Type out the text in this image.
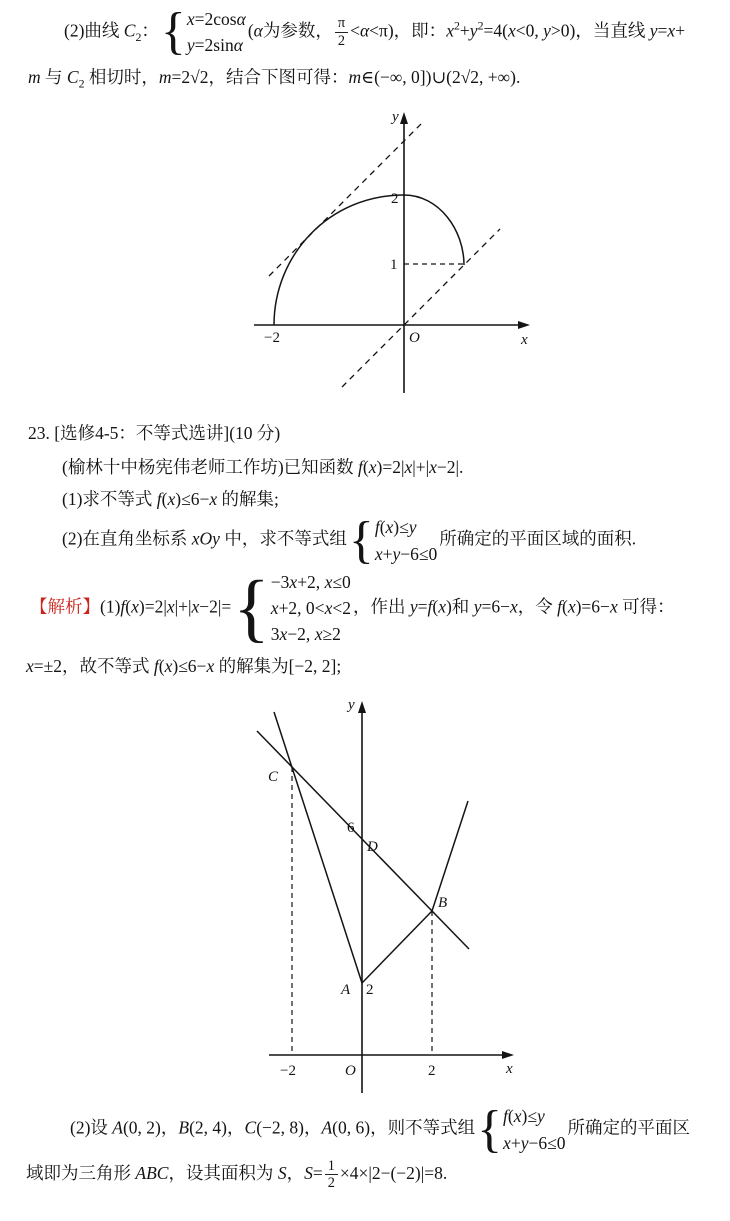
(2)曲线 $C_2$： { x=2cosα
y=2sinα
(α为参数， $\frac{\pi}{2} <\alpha<\pi$)，即：$x^2+y^2=4(x<0$, y>0)，当直线 y=x+
m 与 $C_2$ 相切时，m=2√2，结合下图可得：m∈(−∞, 0])∪(2√2, +∞).
y
x
O
2
1
−2
23. [选修4-5：不等式选讲](10 分)
(榆林十中杨宪伟老师工作坊)已知函数 f(x)=2|x|+|x−2|.
(1)求不等式 f(x)≤6−x 的解集;
(2)在直角坐标系 xOy 中，求不等式组 { f(x)≤y
x+y−6≤0
所确定的平面区域的面积.
【解析】(1)f(x)=2|x|+|x−2|= { −3x+2, x≤0
x+2, 0<x<2
3x−2, x≥2
，作出 y=f(x)和 y=6−x，令 f(x)=6−x 可得：
x=±2，故不等式 f(x)≤6−x 的解集为[−2, 2];
y
x
O
−2	2
6
D
C
B
A 2
(2)设 A(0, 2)，B(2, 4)，C(−2, 8)，A(0, 6)，则不等式组 { f(x)≤y
x+y−6≤0
所确定的平面区
域即为三角形 ABC，设其面积为 S，$S= \frac{1}{2} \times 4\times|2-(-2)|=8$.
